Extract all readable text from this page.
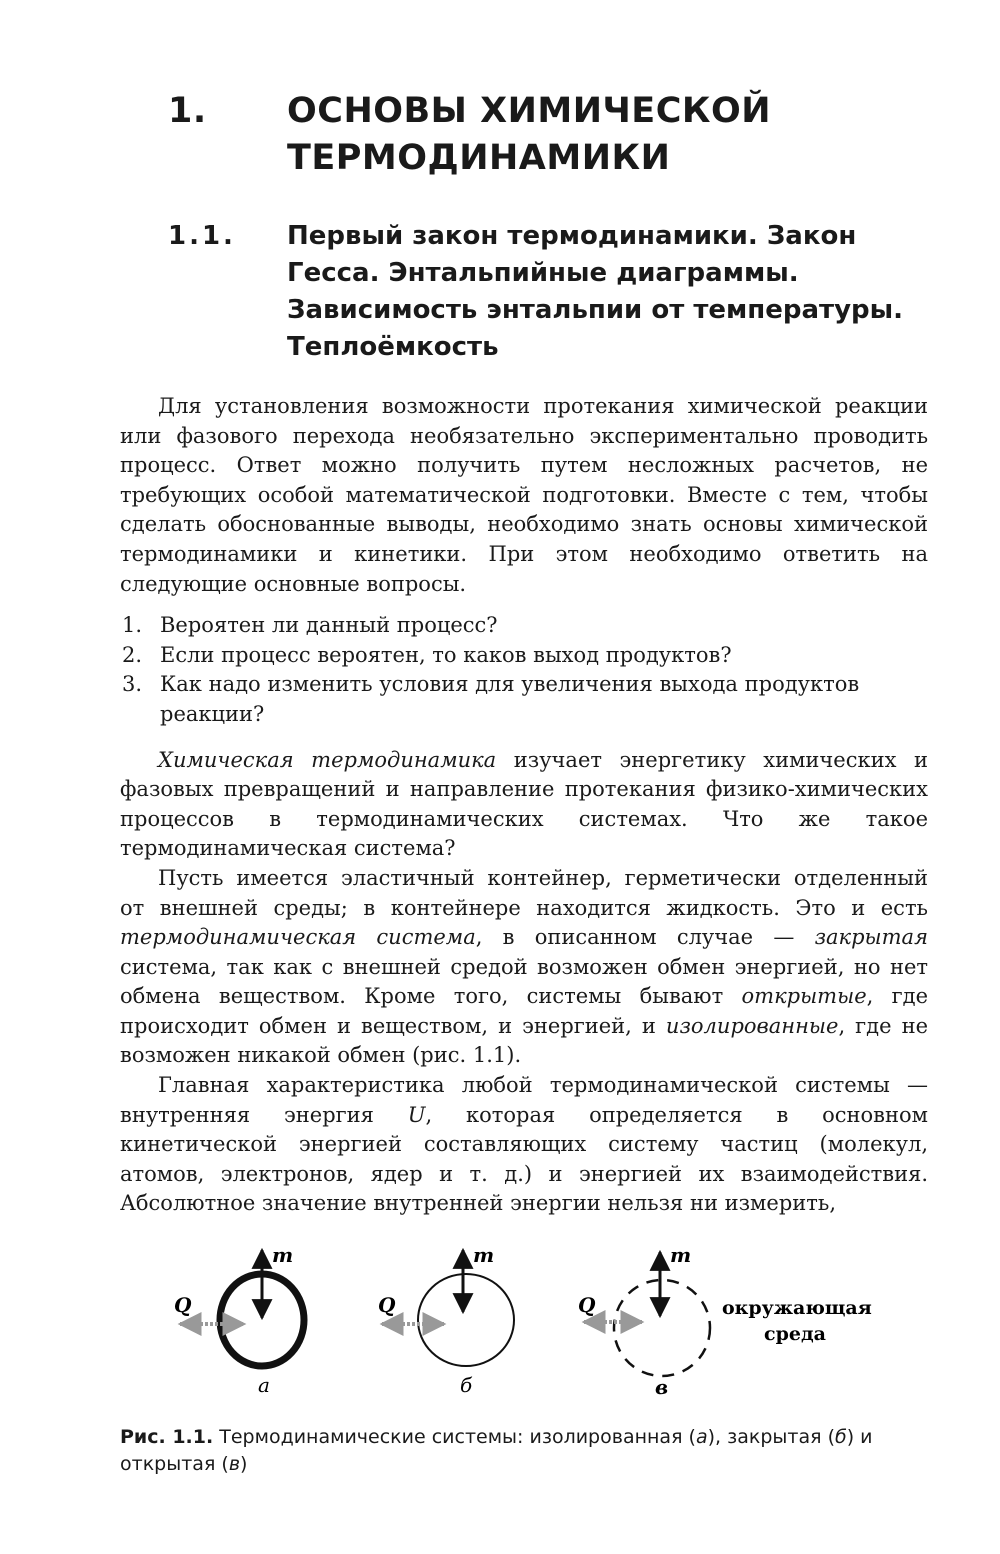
1. ОСНОВЫ ХИМИЧЕСКОЙ ТЕРМОДИНАМИКИ
1.1. Первый закон термодинамики. Закон Гесса. Энтальпийные диаграммы. Зависимость энтальпии от температуры. Теплоёмкость

Для установления возможности протекания химической реакции или фазового перехода необязательно экспериментально проводить процесс. Ответ можно получить путем несложных расчетов, не требующих особой математической подготовки. Вместе с тем, чтобы сделать обоснованные выводы, необходимо знать основы химической термодинамики и кинетики. При этом необходимо ответить на следующие основные вопросы.

1. Вероятен ли данный процесс?
2. Если процесс вероятен, то каков выход продуктов?
3. Как надо изменить условия для увеличения выхода продуктов реакции?

Химическая термодинамика изучает энергетику химических и фазовых превращений и направление протекания физико-химических процессов в термодинамических системах. Что же такое термодинамическая система?

Пусть имеется эластичный контейнер, герметически отделенный от внешней среды; в контейнере находится жидкость. Это и есть термодинамическая система, в описанном случае — закрытая система, так как с внешней средой возможен обмен энергией, но нет обмена веществом. Кроме того, системы бывают открытые, где происходит обмен и веществом, и энергией, и изолированные, где не возможен никакой обмен (рис. 1.1).

Главная характеристика любой термодинамической системы — внутренняя энергия U, которая определяется в основном кинетической энергией составляющих систему частиц (молекул, атомов, электронов, ядер и т. д.) и энергией их взаимодействия. Абсолютное значение внутренней энергии нельзя ни измерить,

m
Q
а
m
Q
б
m
Q	окружающая
среда
в
Рис. 1.1. Термодинамические системы: изолированная (а), закрытая (б) и открытая (в)
